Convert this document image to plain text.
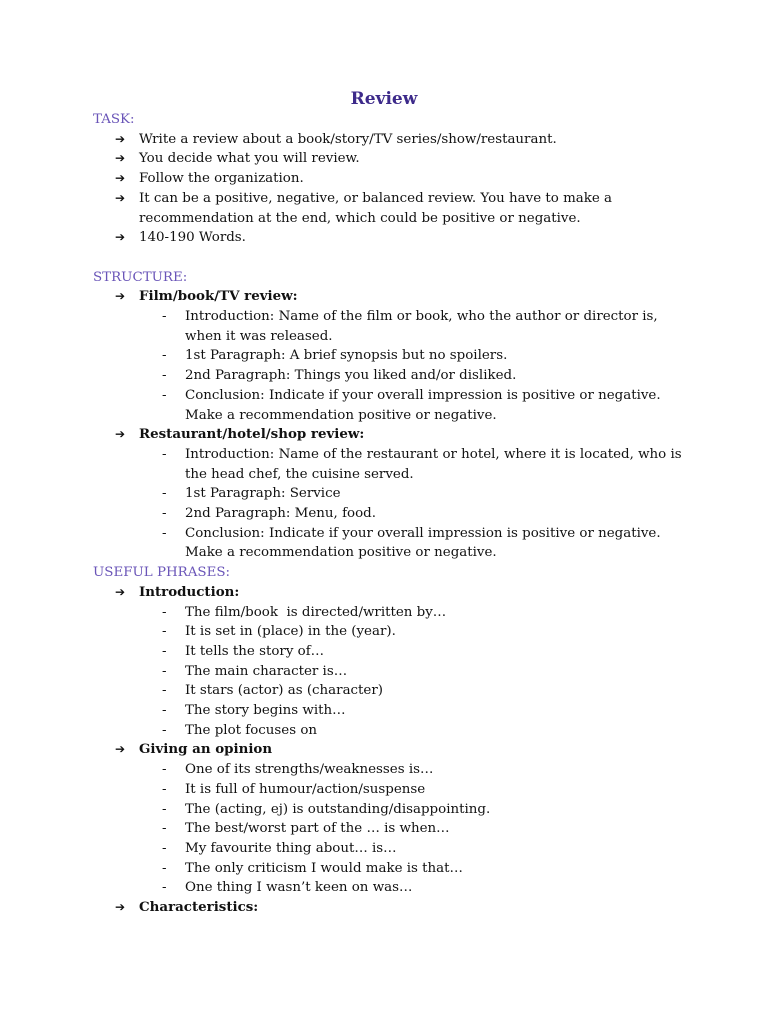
Review
TASK:
➔ Write a review about a book/story/TV series/show/restaurant.
➔ You decide what you will review.
➔ Follow the organization.
➔ It can be a positive, negative, or balanced review. You have to make a recommendation at the end, which could be positive or negative.
➔ 140-190 Words.
STRUCTURE:
➔ Film/book/TV review:
- Introduction: Name of the film or book, who the author or director is, when it was released.
- 1st Paragraph: A brief synopsis but no spoilers.
- 2nd Paragraph: Things you liked and/or disliked.
- Conclusion: Indicate if your overall impression is positive or negative. Make a recommendation positive or negative.
➔ Restaurant/hotel/shop review:
- Introduction: Name of the restaurant or hotel, where it is located, who is the head chef, the cuisine served.
- 1st Paragraph: Service
- 2nd Paragraph: Menu, food.
- Conclusion: Indicate if your overall impression is positive or negative. Make a recommendation positive or negative.
USEFUL PHRASES:
➔ Introduction:
- The film/book  is directed/written by…
- It is set in (place) in the (year).
- It tells the story of…
- The main character is…
- It stars (actor) as (character)
- The story begins with…
- The plot focuses on
➔ Giving an opinion
- One of its strengths/weaknesses is…
- It is full of humour/action/suspense
- The (acting, ej) is outstanding/disappointing.
- The best/worst part of the … is when…
- My favourite thing about… is…
- The only criticism I would make is that…
- One thing I wasn’t keen on was…
➔ Characteristics:
